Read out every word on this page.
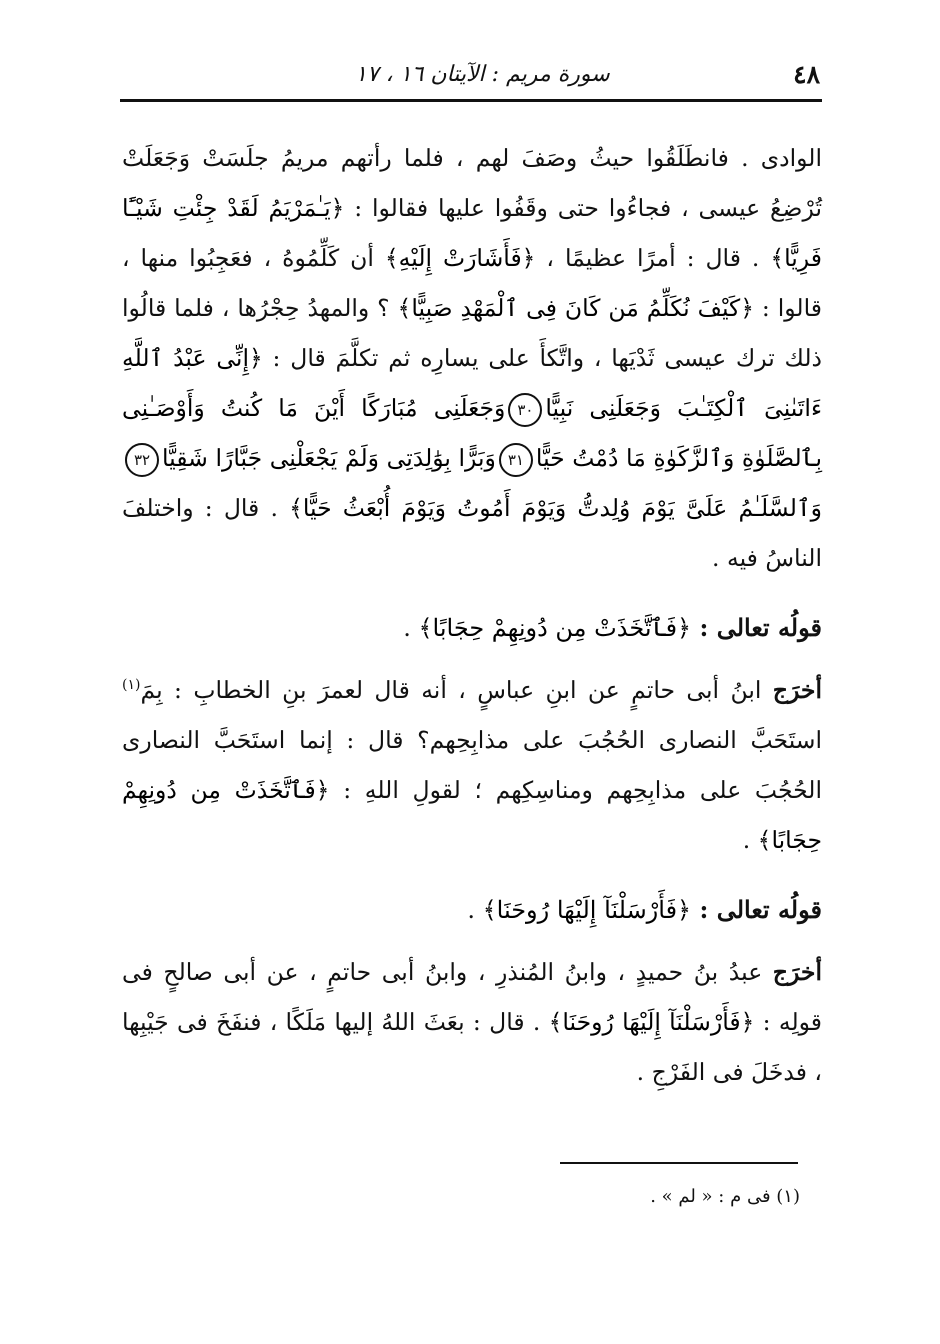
٤٨
سورة مريم : الآيتان ١٦ ، ١٧

الوادى . فانطَلَقُوا حيثُ وصَفَ لهم ، فلما رأتهم مريمُ جلَسَتْ وَجَعَلَتْ تُرْضِعُ عيسى ، فجاءُوا حتى وقَفُوا عليها فقالوا : ﴿يَـٰمَرْيَمُ لَقَدْ جِئْتِ شَيْـًٔا فَرِيًّا﴾ . قال : أمرًا عظيمًا ، ﴿فَأَشَارَتْ إِلَيْهِ﴾ أن كَلِّمُوهُ ، فعَجِبُوا منها ، قالوا : ﴿كَيْفَ نُكَلِّمُ مَن كَانَ فِى ٱلْمَهْدِ صَبِيًّا﴾ ؟ والمهدُ حِجْرُها ، فلما قالُوا ذلك ترك عيسى ثَدْيَها ، واتَّكأَ على يسارِه ثم تكلَّمَ قال : ﴿إِنِّى عَبْدُ ٱللَّهِ ءَاتَىٰنِىَ ٱلْكِتَـٰبَ وَجَعَلَنِى نَبِيًّا٣٠وَجَعَلَنِى مُبَارَكًا أَيْنَ مَا كُنتُ وَأَوْصَـٰنِى بِٱلصَّلَوٰةِ وَٱلزَّكَوٰةِ مَا دُمْتُ حَيًّا٣١وَبَرًّا بِوَٰلِدَتِى وَلَمْ يَجْعَلْنِى جَبَّارًا شَقِيًّا٣٢وَٱلسَّلَـٰمُ عَلَىَّ يَوْمَ وُلِدتُّ وَيَوْمَ أَمُوتُ وَيَوْمَ أُبْعَثُ حَيًّا﴾ . قال : واختلفَ الناسُ فيه .

قولُه تعالى : ﴿فَٱتَّخَذَتْ مِن دُونِهِمْ حِجَابًا﴾ .

أخرَج ابنُ أبى حاتمٍ عن ابنِ عباسٍ ، أنه قال لعمرَ بنِ الخطابِ : بِمَ$^{(١)}$ استَحَبَّ النصارى الحُجُبَ على مذابِحِهم؟ قال : إنما استَحَبَّ النصارى الحُجُبَ على مذابِحِهم ومناسِكِهم ؛ لقولِ اللهِ : ﴿فَٱتَّخَذَتْ مِن دُونِهِمْ حِجَابًا﴾ .

قولُه تعالى : ﴿فَأَرْسَلْنَآ إِلَيْهَا رُوحَنَا﴾ .

أخرَج عبدُ بنُ حميدٍ ، وابنُ المُنذرِ ، وابنُ أبى حاتمٍ ، عن أبى صالحٍ فى قولِه : ﴿فَأَرْسَلْنَآ إِلَيْهَا رُوحَنَا﴾ . قال : بعَثَ اللهُ إليها مَلَكًا ، فنفَخَ فى جَيْبِها ، فدخَلَ فى الفَرْجِ .

(١) فى م : « لم » .
